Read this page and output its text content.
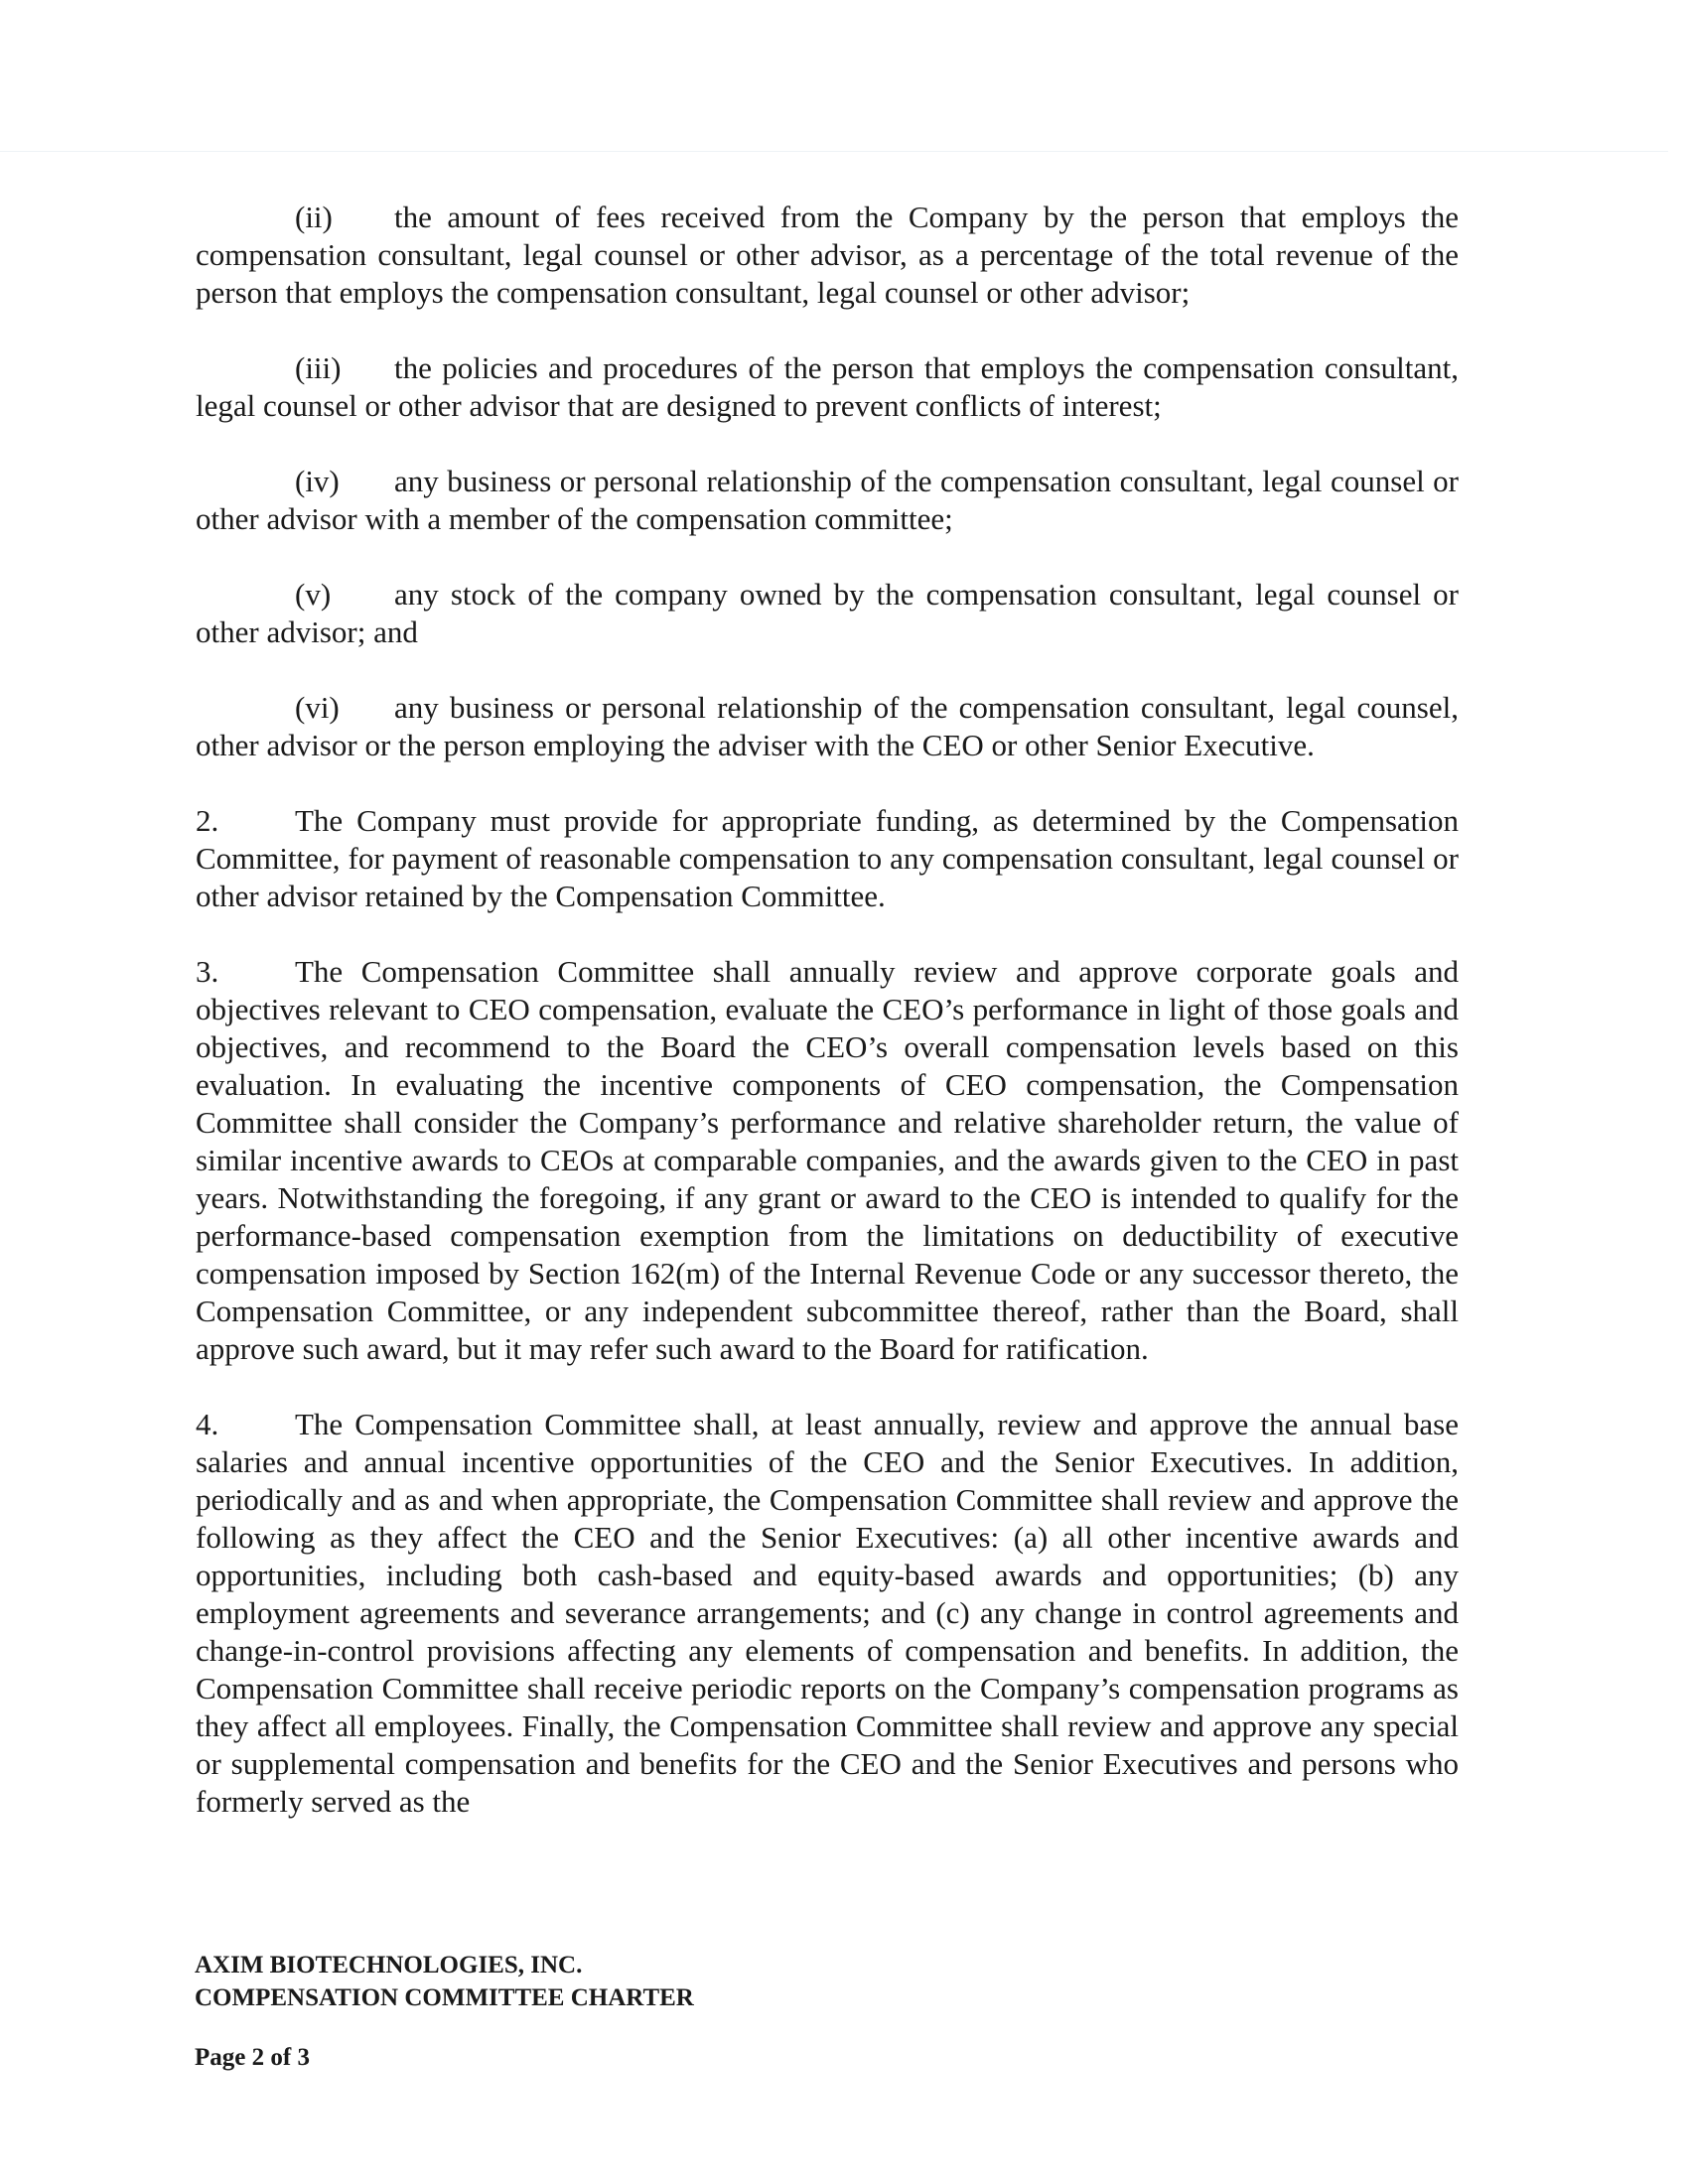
(ii) the amount of fees received from the Company by the person that employs the compensation consultant, legal counsel or other advisor, as a percentage of the total revenue of the person that employs the compensation consultant, legal counsel or other advisor;

(iii) the policies and procedures of the person that employs the compensation consultant, legal counsel or other advisor that are designed to prevent conflicts of interest;

(iv) any business or personal relationship of the compensation consultant, legal counsel or other advisor with a member of the compensation committee;

(v) any stock of the company owned by the compensation consultant, legal counsel or other advisor; and

(vi) any business or personal relationship of the compensation consultant, legal counsel, other advisor or the person employing the adviser with the CEO or other Senior Executive.

2. The Company must provide for appropriate funding, as determined by the Compensation Committee, for payment of reasonable compensation to any compensation consultant, legal counsel or other advisor retained by the Compensation Committee.

3. The Compensation Committee shall annually review and approve corporate goals and objectives relevant to CEO compensation, evaluate the CEO’s performance in light of those goals and objectives, and recommend to the Board the CEO’s overall compensation levels based on this evaluation. In evaluating the incentive components of CEO compensation, the Compensation Committee shall consider the Company’s performance and relative shareholder return, the value of similar incentive awards to CEOs at comparable companies, and the awards given to the CEO in past years. Notwithstanding the foregoing, if any grant or award to the CEO is intended to qualify for the performance-based compensation exemption from the limitations on deductibility of executive compensation imposed by Section 162(m) of the Internal Revenue Code or any successor thereto, the Compensation Committee, or any independent subcommittee thereof, rather than the Board, shall approve such award, but it may refer such award to the Board for ratification.

4. The Compensation Committee shall, at least annually, review and approve the annual base salaries and annual incentive opportunities of the CEO and the Senior Executives. In addition, periodically and as and when appropriate, the Compensation Committee shall review and approve the following as they affect the CEO and the Senior Executives: (a) all other incentive awards and opportunities, including both cash-based and equity-based awards and opportunities; (b) any employment agreements and severance arrangements; and (c) any change in control agreements and change-in-control provisions affecting any elements of compensation and benefits. In addition, the Compensation Committee shall receive periodic reports on the Company’s compensation programs as they affect all employees. Finally, the Compensation Committee shall review and approve any special or supplemental compensation and benefits for the CEO and the Senior Executives and persons who formerly served as the

AXIM BIOTECHNOLOGIES, INC.
COMPENSATION COMMITTEE CHARTER
Page 2 of 3
